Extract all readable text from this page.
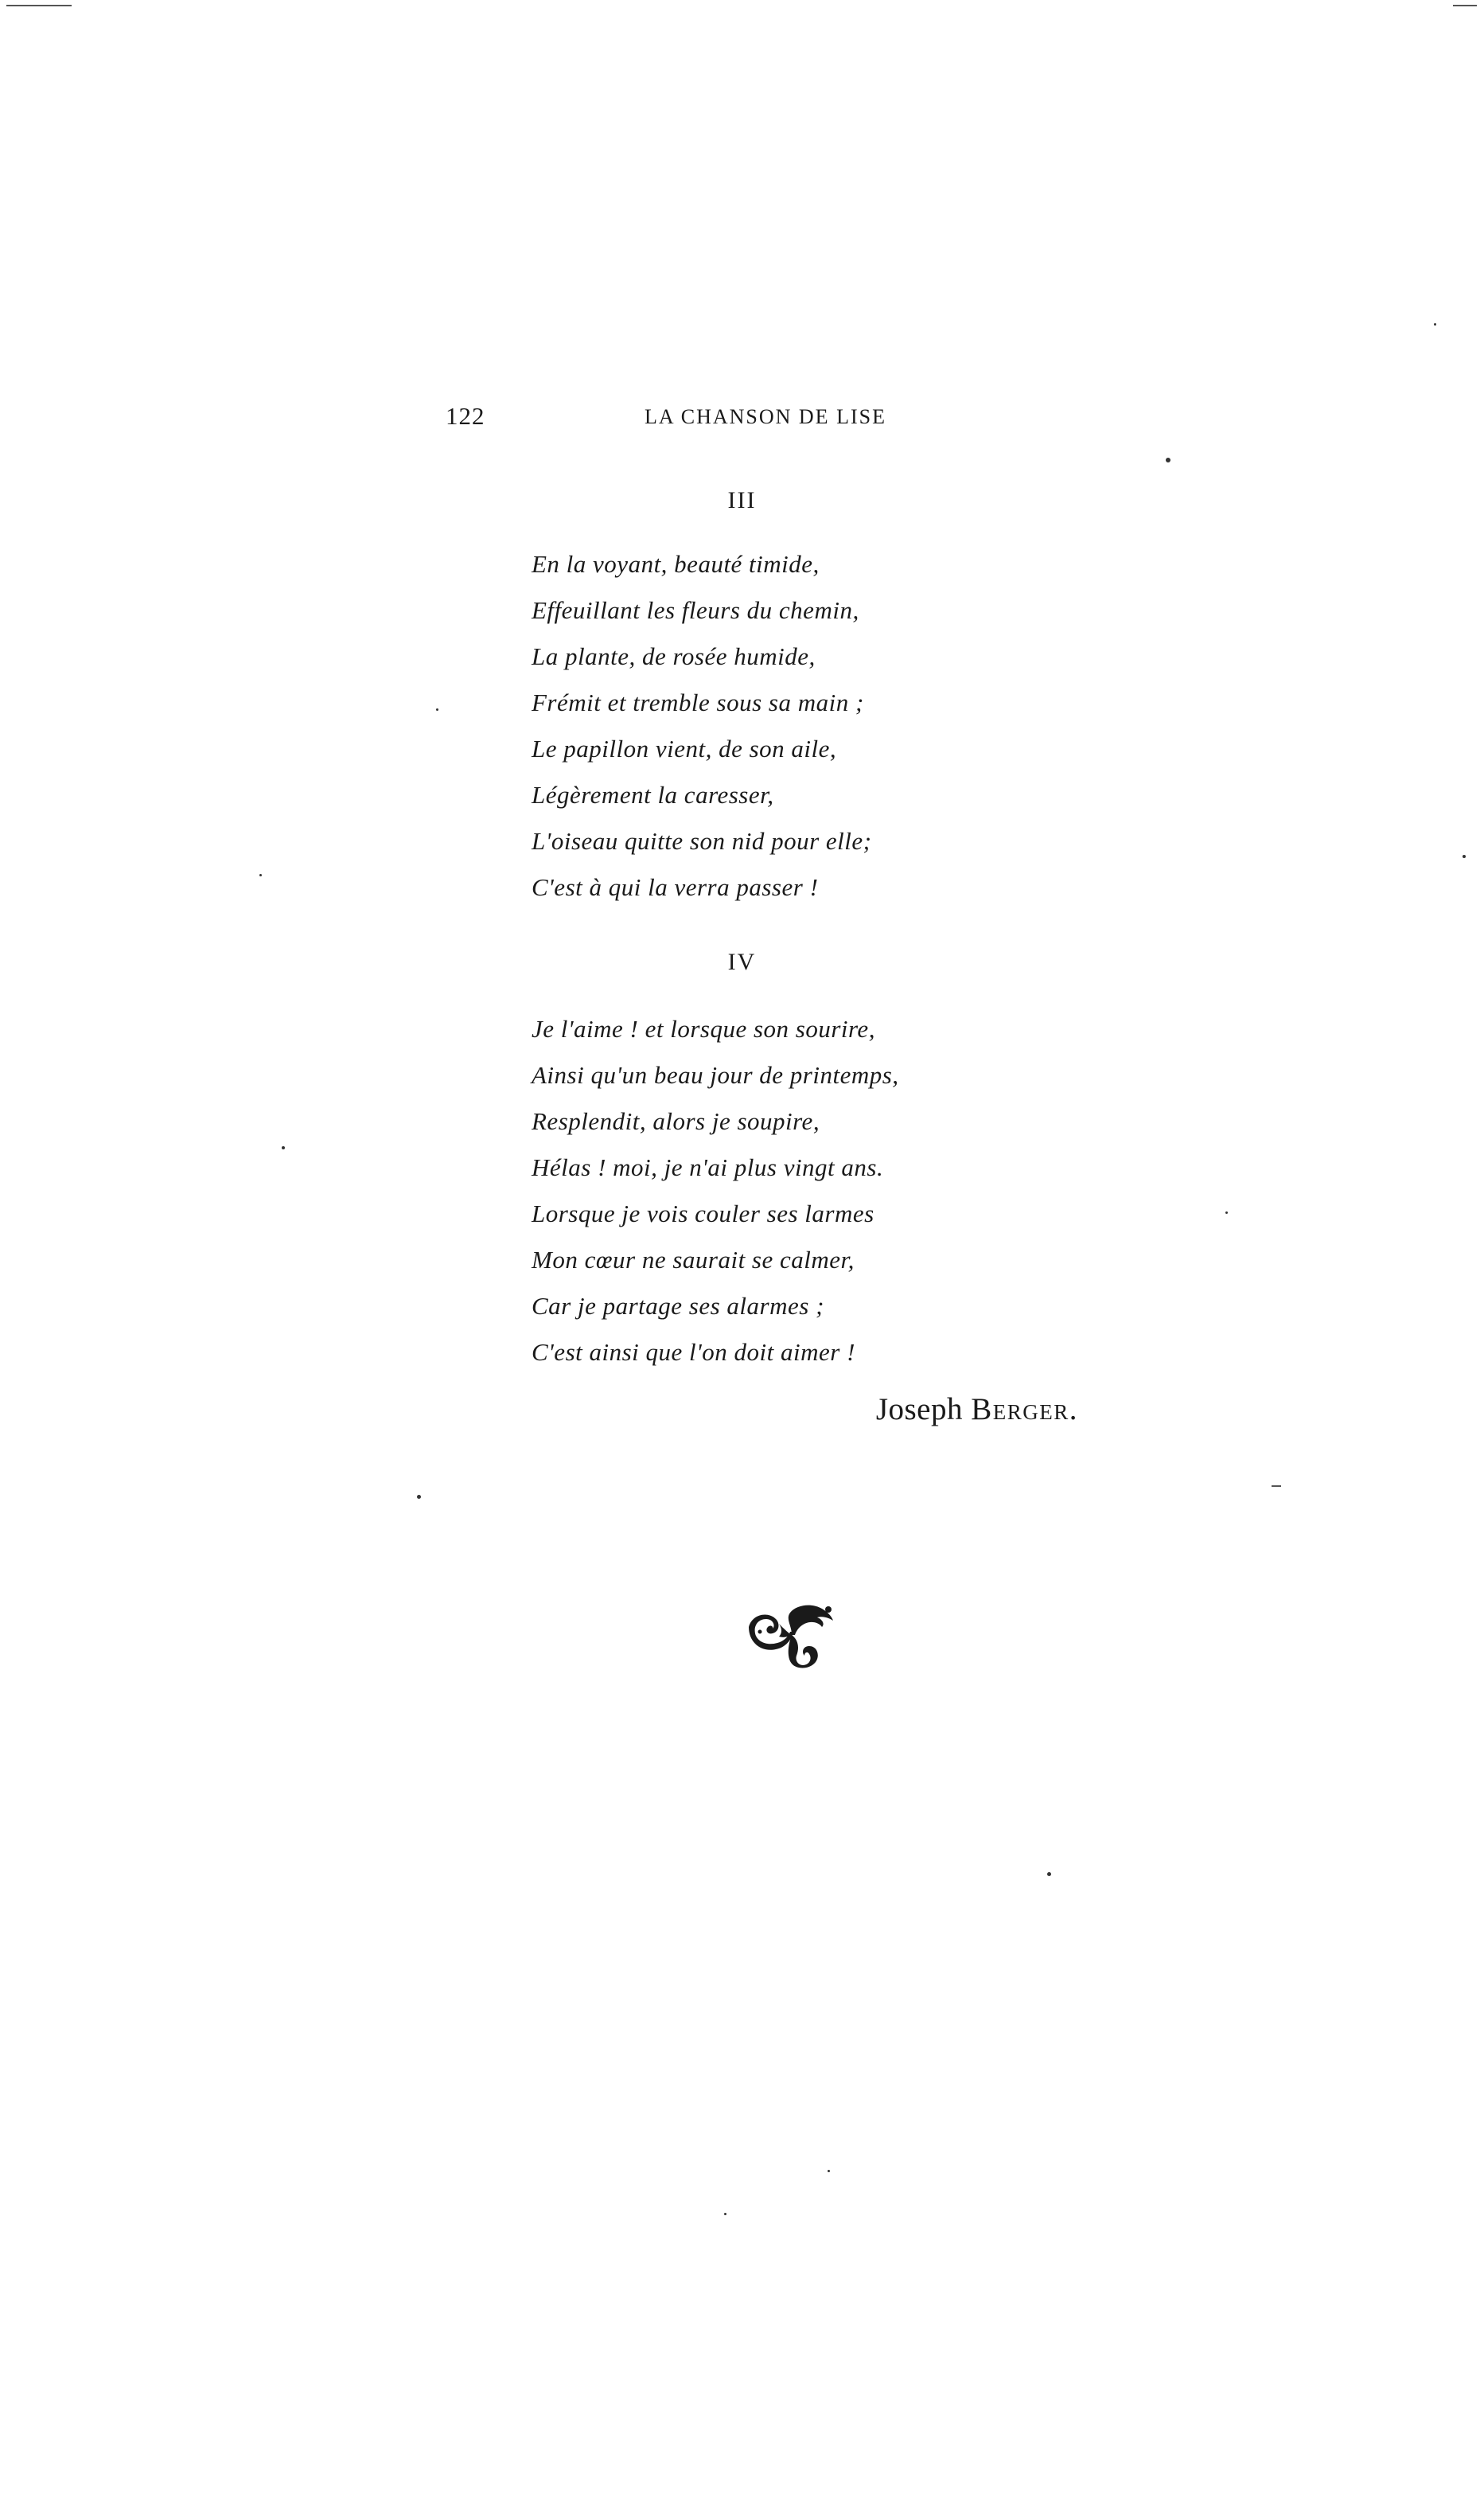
122	LA CHANSON DE LISE
III
En la voyant, beauté timide,
Effeuillant les fleurs du chemin,
La plante, de rosée humide,
Frémit et tremble sous sa main ;
Le papillon vient, de son aile,
Légèrement la caresser,
L'oiseau quitte son nid pour elle;
C'est à qui la verra passer !
IV
Je l'aime ! et lorsque son sourire,
Ainsi qu'un beau jour de printemps,
Resplendit, alors je soupire,
Hélas ! moi, je n'ai plus vingt ans.
Lorsque je vois couler ses larmes
Mon cœur ne saurait se calmer,
Car je partage ses alarmes ;
C'est ainsi que l'on doit aimer !
Joseph Berger.
